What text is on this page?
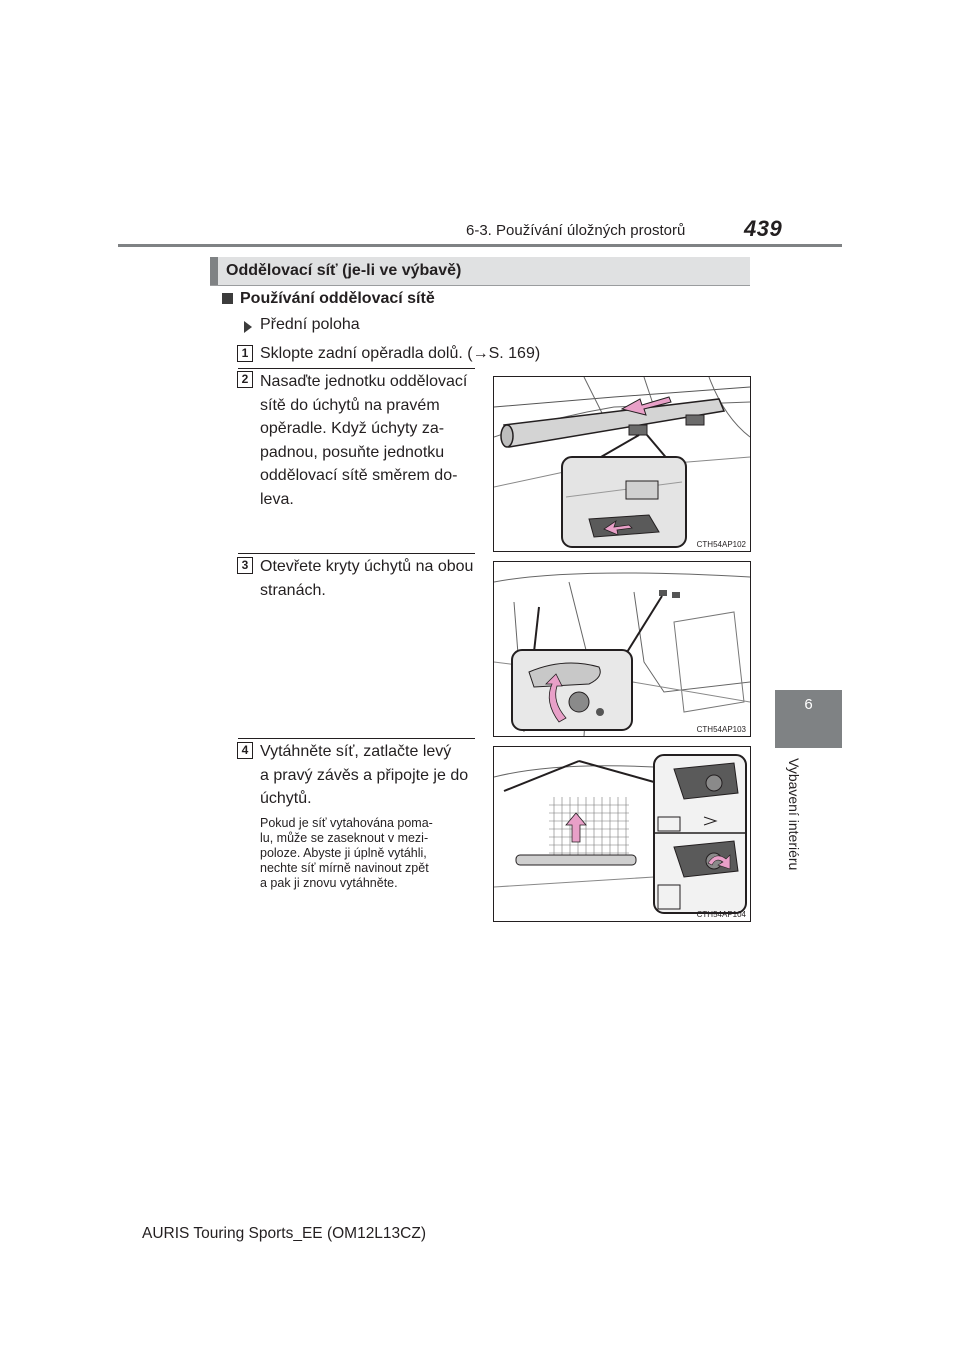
6-3. Používání úložných prostorů	439
6
Vybavení interiéru
Oddělovací síť (je-li ve výbavě)
Používání oddělovací sítě
Přední poloha
1 Sklopte zadní opěradla dolů. (→S. 169)
2 Nasaďte jednotku oddělovací
sítě do úchytů na pravém
opěradle. Když úchyty za-
padnou, posuňte jednotku
oddělovací sítě směrem do-
leva.
CTH54AP102
3 Otevřete kryty úchytů na obou
stranách.
CTH54AP103
4 Vytáhněte síť, zatlačte levý
a pravý závěs a připojte je do
úchytů.
Pokud je síť vytahována poma-
lu, může se zaseknout v mezi-
poloze. Abyste ji úplně vytáhli,
nechte síť mírně navinout zpět
a pak ji znovu vytáhněte.
CTH54AP104
AURIS Touring Sports_EE (OM12L13CZ)
